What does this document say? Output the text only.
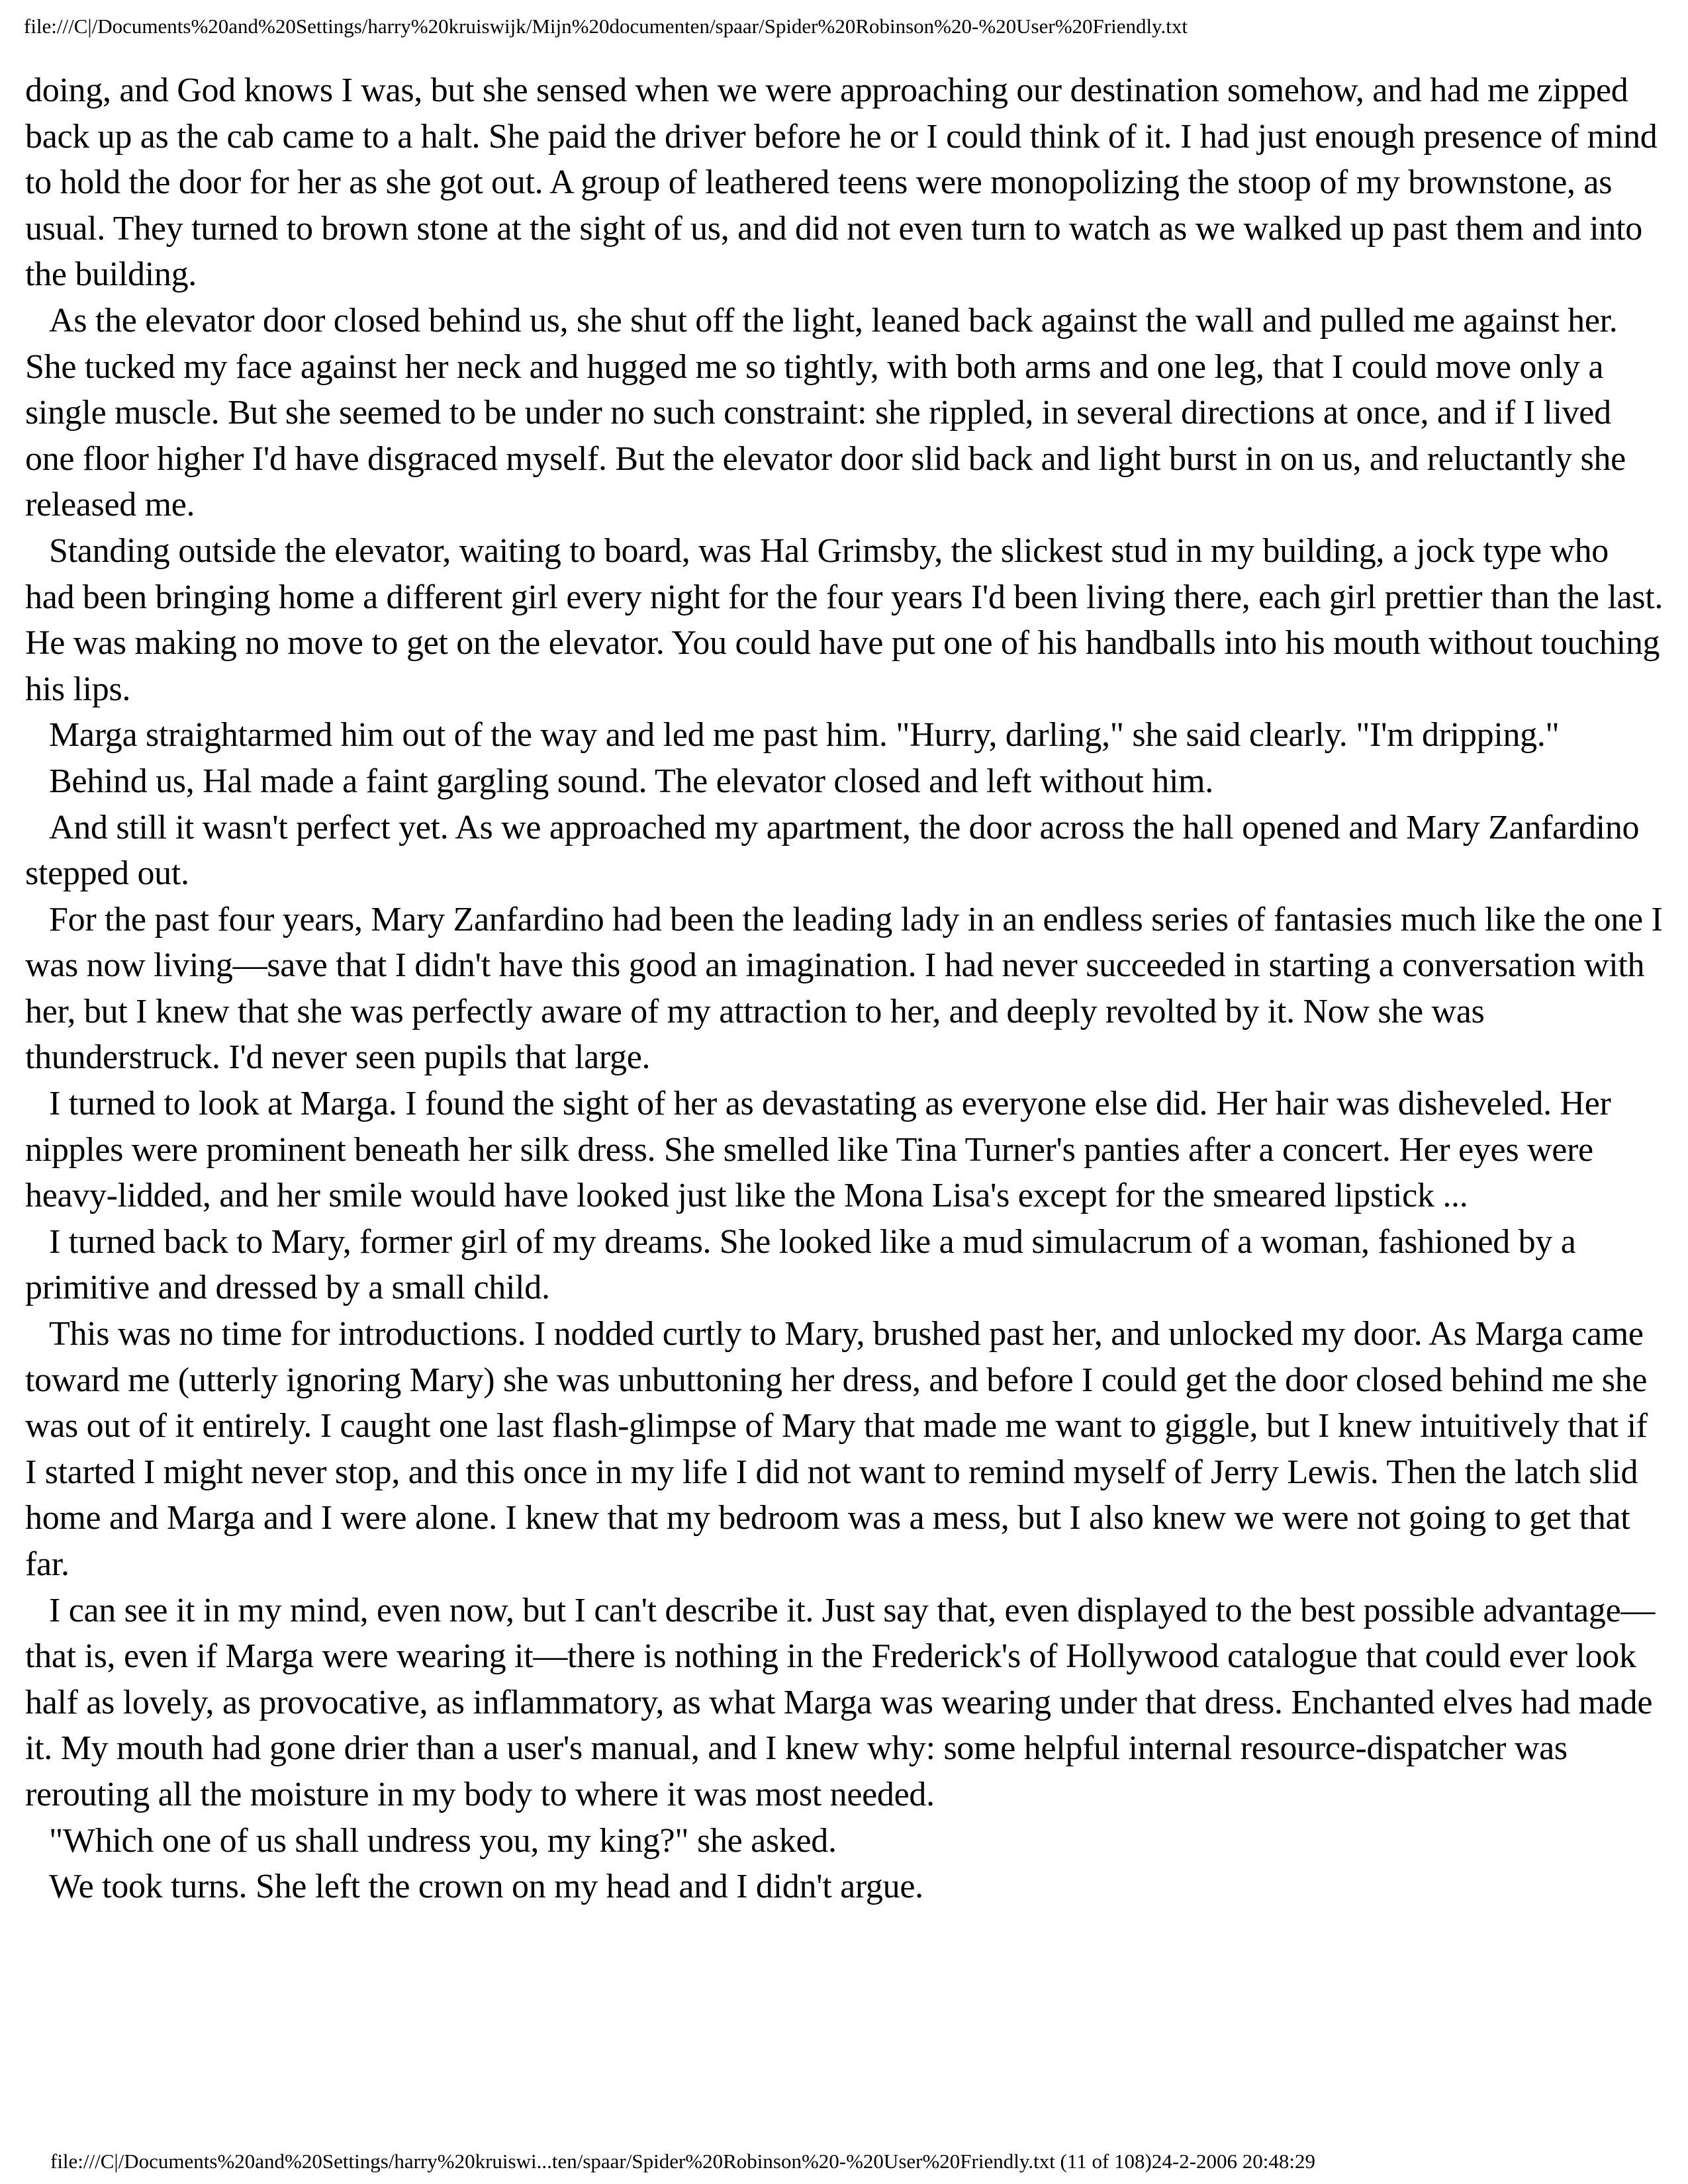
file:///C|/Documents%20and%20Settings/harry%20kruiswijk/Mijn%20documenten/spaar/Spider%20Robinson%20-%20User%20Friendly.txt

doing, and God knows I was, but she sensed when we were approaching our destination somehow, and had me zipped back up as the cab came to a halt. She paid the driver before he or I could think of it. I had just enough presence of mind to hold the door for her as she got out. A group of leathered teens were monopolizing the stoop of my brownstone, as usual. They turned to brown stone at the sight of us, and did not even turn to watch as we walked up past them and into the building.

As the elevator door closed behind us, she shut off the light, leaned back against the wall and pulled me against her. She tucked my face against her neck and hugged me so tightly, with both arms and one leg, that I could move only a single muscle. But she seemed to be under no such constraint: she rippled, in several directions at once, and if I lived one floor higher I'd have disgraced myself. But the elevator door slid back and light burst in on us, and reluctantly she released me.

Standing outside the elevator, waiting to board, was Hal Grimsby, the slickest stud in my building, a jock type who had been bringing home a different girl every night for the four years I'd been living there, each girl prettier than the last. He was making no move to get on the elevator. You could have put one of his handballs into his mouth without touching his lips.

Marga straightarmed him out of the way and led me past him. "Hurry, darling," she said clearly. "I'm dripping."

Behind us, Hal made a faint gargling sound. The elevator closed and left without him.

And still it wasn't perfect yet. As we approached my apartment, the door across the hall opened and Mary Zanfardino stepped out.

For the past four years, Mary Zanfardino had been the leading lady in an endless series of fantasies much like the one I was now living—save that I didn't have this good an imagination. I had never succeeded in starting a conversation with her, but I knew that she was perfectly aware of my attraction to her, and deeply revolted by it. Now she was thunderstruck. I'd never seen pupils that large.

I turned to look at Marga. I found the sight of her as devastating as everyone else did. Her hair was disheveled. Her nipples were prominent beneath her silk dress. She smelled like Tina Turner's panties after a concert. Her eyes were heavy-lidded, and her smile would have looked just like the Mona Lisa's except for the smeared lipstick ...

I turned back to Mary, former girl of my dreams. She looked like a mud simulacrum of a woman, fashioned by a primitive and dressed by a small child.

This was no time for introductions. I nodded curtly to Mary, brushed past her, and unlocked my door. As Marga came toward me (utterly ignoring Mary) she was unbuttoning her dress, and before I could get the door closed behind me she was out of it entirely. I caught one last flash-glimpse of Mary that made me want to giggle, but I knew intuitively that if I started I might never stop, and this once in my life I did not want to remind myself of Jerry Lewis. Then the latch slid home and Marga and I were alone. I knew that my bedroom was a mess, but I also knew we were not going to get that far.

I can see it in my mind, even now, but I can't describe it. Just say that, even displayed to the best possible advantage—that is, even if Marga were wearing it—there is nothing in the Frederick's of Hollywood catalogue that could ever look half as lovely, as provocative, as inflammatory, as what Marga was wearing under that dress. Enchanted elves had made it. My mouth had gone drier than a user's manual, and I knew why: some helpful internal resource-dispatcher was rerouting all the moisture in my body to where it was most needed.

"Which one of us shall undress you, my king?" she asked.

We took turns. She left the crown on my head and I didn't argue.

file:///C|/Documents%20and%20Settings/harry%20kruiswi...ten/spaar/Spider%20Robinson%20-%20User%20Friendly.txt (11 of 108)24-2-2006 20:48:29
